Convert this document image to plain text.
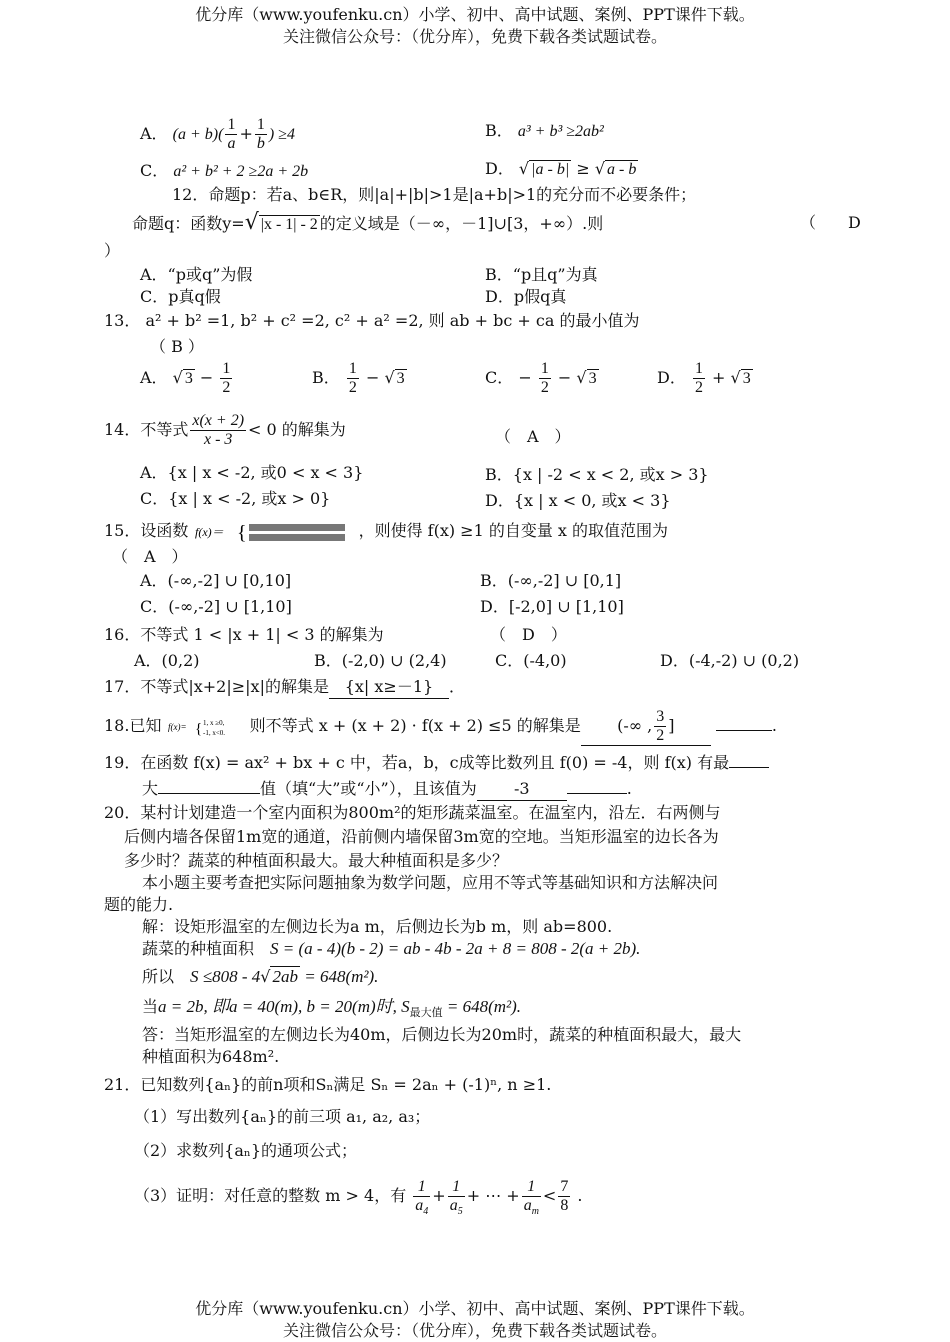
优分库（www.youfenku.cn）小学、初中、高中试题、案例、PPT课件下载。
关注微信公众号：（优分库），免费下载各类试题试卷。
A． $(a + b)( \frac{1}{a} + \frac{1}{b}$ ) ≥4	B． a³ + b³ ≥2ab²
C． a² + b² + 2 ≥2a + 2b	D． √ |a - b| ≥ √ a - b
12．命题p：若a、b∈R，则|a|+|b|>1是|a+b|>1的充分而不必要条件；
命题q：函数y=√ |x - 1| - 2 的定义域是（－∞，－1]∪[3，+∞）.则	（　　D
）
A．“p或q”为假	B．“p且q”为真
C．p真q假	D．p假q真
13． a² + b² =1, b² + c² =2, c² + a² =2, 则 ab + bc + ca 的最小值为
（ B ）
A． √ $3 - \frac{1}{2}$	B． $\frac{1}{2}$ − √ 3	C． − $\frac{1}{2}$ − √ 3	D． $\frac{1}{2}$ + √ 3
14．不等式 $\frac{x(x + 2)}{x - 3} < 0$ 的解集为	（　A　）
A．{x | x < -2, 或0 < x < 3}	B．{x | -2 < x < 2, 或x > 3}
C．{x | x < -2, 或x > 0}	D．{x | x < 0, 或x < 3}
15．设函数 f(x)＝ {	，则使得 f(x) ≥1 的自变量 x 的取值范围为
（　A　）
A．(-∞,-2] ∪ [0,10]	B．(-∞,-2] ∪ [0,1]
C．(-∞,-2] ∪ [1,10]	D．[-2,0] ∪ [1,10]
16．不等式 1 < |x + 1| < 3 的解集为	（　D　）
A．(0,2)	B．(-2,0) ∪ (2,4)	C．(-4,0)	D．(-4,-2) ∪ (0,2)
17．不等式|x+2|≥|x|的解集是 {x| x≥－1} ．
18.已知 f(x)= { 1, x ≥0,
-1, x<0. 则不等式 x + (x + 2) · f(x + 2) ≤5 的解集是 (-∞ , $\frac{3}{2}$ ]	.
19．在函数 f(x) = ax² + bx + c 中，若a，b，c成等比数列且 f(0) = -4，则 f(x) 有最
大	值（填“大”或“小”），且该值为 -3	.
20．某村计划建造一个室内面积为800m²的矩形蔬菜温室。在温室内，沿左．右两侧与
后侧内墙各保留1m宽的通道，沿前侧内墙保留3m宽的空地。当矩形温室的边长各为
多少时？蔬菜的种植面积最大。最大种植面积是多少？
本小题主要考查把实际问题抽象为数学问题，应用不等式等基础知识和方法解决问
题的能力.
解：设矩形温室的左侧边长为a m，后侧边长为b m，则 ab=800.
蔬菜的种植面积　 S = (a - 4)(b - 2) = ab - 4b - 2a + 8 = 808 - 2(a + 2b).
所以　 S ≤808 - 4√ 2ab = 648(m²).
当a = 2b, 即a = 40(m), b = 20(m)时, $S_{最大值} = 648(m^2)$.
答：当矩形温室的左侧边长为40m，后侧边长为20m时，蔬菜的种植面积最大，最大
种植面积为648m².
21．已知数列{aₙ}的前n项和Sₙ满足 Sₙ = 2aₙ + (-1)ⁿ, n ≥1.
（1）写出数列{aₙ}的前三项 a₁, a₂, a₃；
（2）求数列{aₙ}的通项公式；
（3）证明：对任意的整数 m > 4，有 $\frac{1}{a_4} + \frac{1}{a_5}$ + ⋯ + $\frac{1}{a_m} < \frac{7}{8}$ .
优分库（www.youfenku.cn）小学、初中、高中试题、案例、PPT课件下载。
关注微信公众号：（优分库），免费下载各类试题试卷。
